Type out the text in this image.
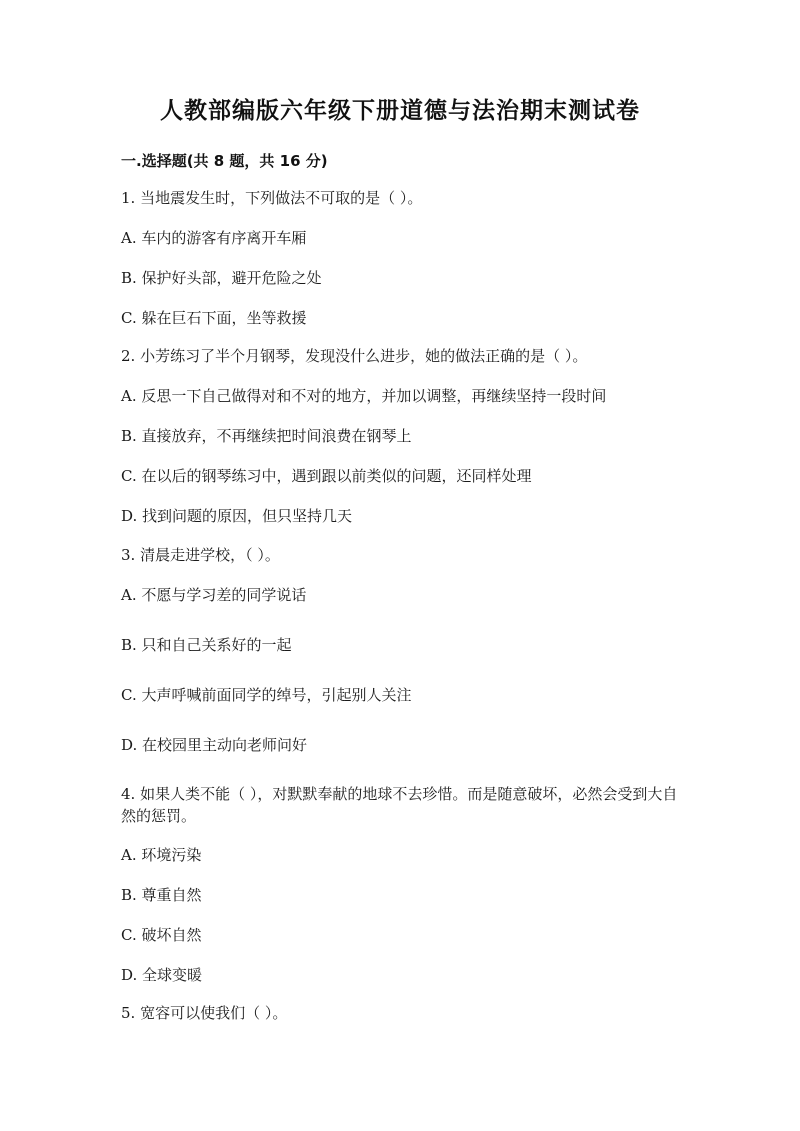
人教部编版六年级下册道德与法治期末测试卷
一.选择题(共 8 题，共 16 分)
1. 当地震发生时，下列做法不可取的是（ ）。
A. 车内的游客有序离开车厢
B. 保护好头部，避开危险之处
C. 躲在巨石下面，坐等救援
2. 小芳练习了半个月钢琴，发现没什么进步，她的做法正确的是（ ）。
A. 反思一下自己做得对和不对的地方，并加以调整，再继续坚持一段时间
B. 直接放弃，不再继续把时间浪费在钢琴上
C. 在以后的钢琴练习中，遇到跟以前类似的问题，还同样处理
D. 找到问题的原因，但只坚持几天
3. 清晨走进学校，（ ）。
A. 不愿与学习差的同学说话
B. 只和自己关系好的一起
C. 大声呼喊前面同学的绰号，引起别人关注
D. 在校园里主动向老师问好
4. 如果人类不能（ ），对默默奉献的地球不去珍惜。而是随意破坏，必然会受到大自然的惩罚。
A. 环境污染
B. 尊重自然
C. 破坏自然
D. 全球变暖
5. 宽容可以使我们（ ）。
